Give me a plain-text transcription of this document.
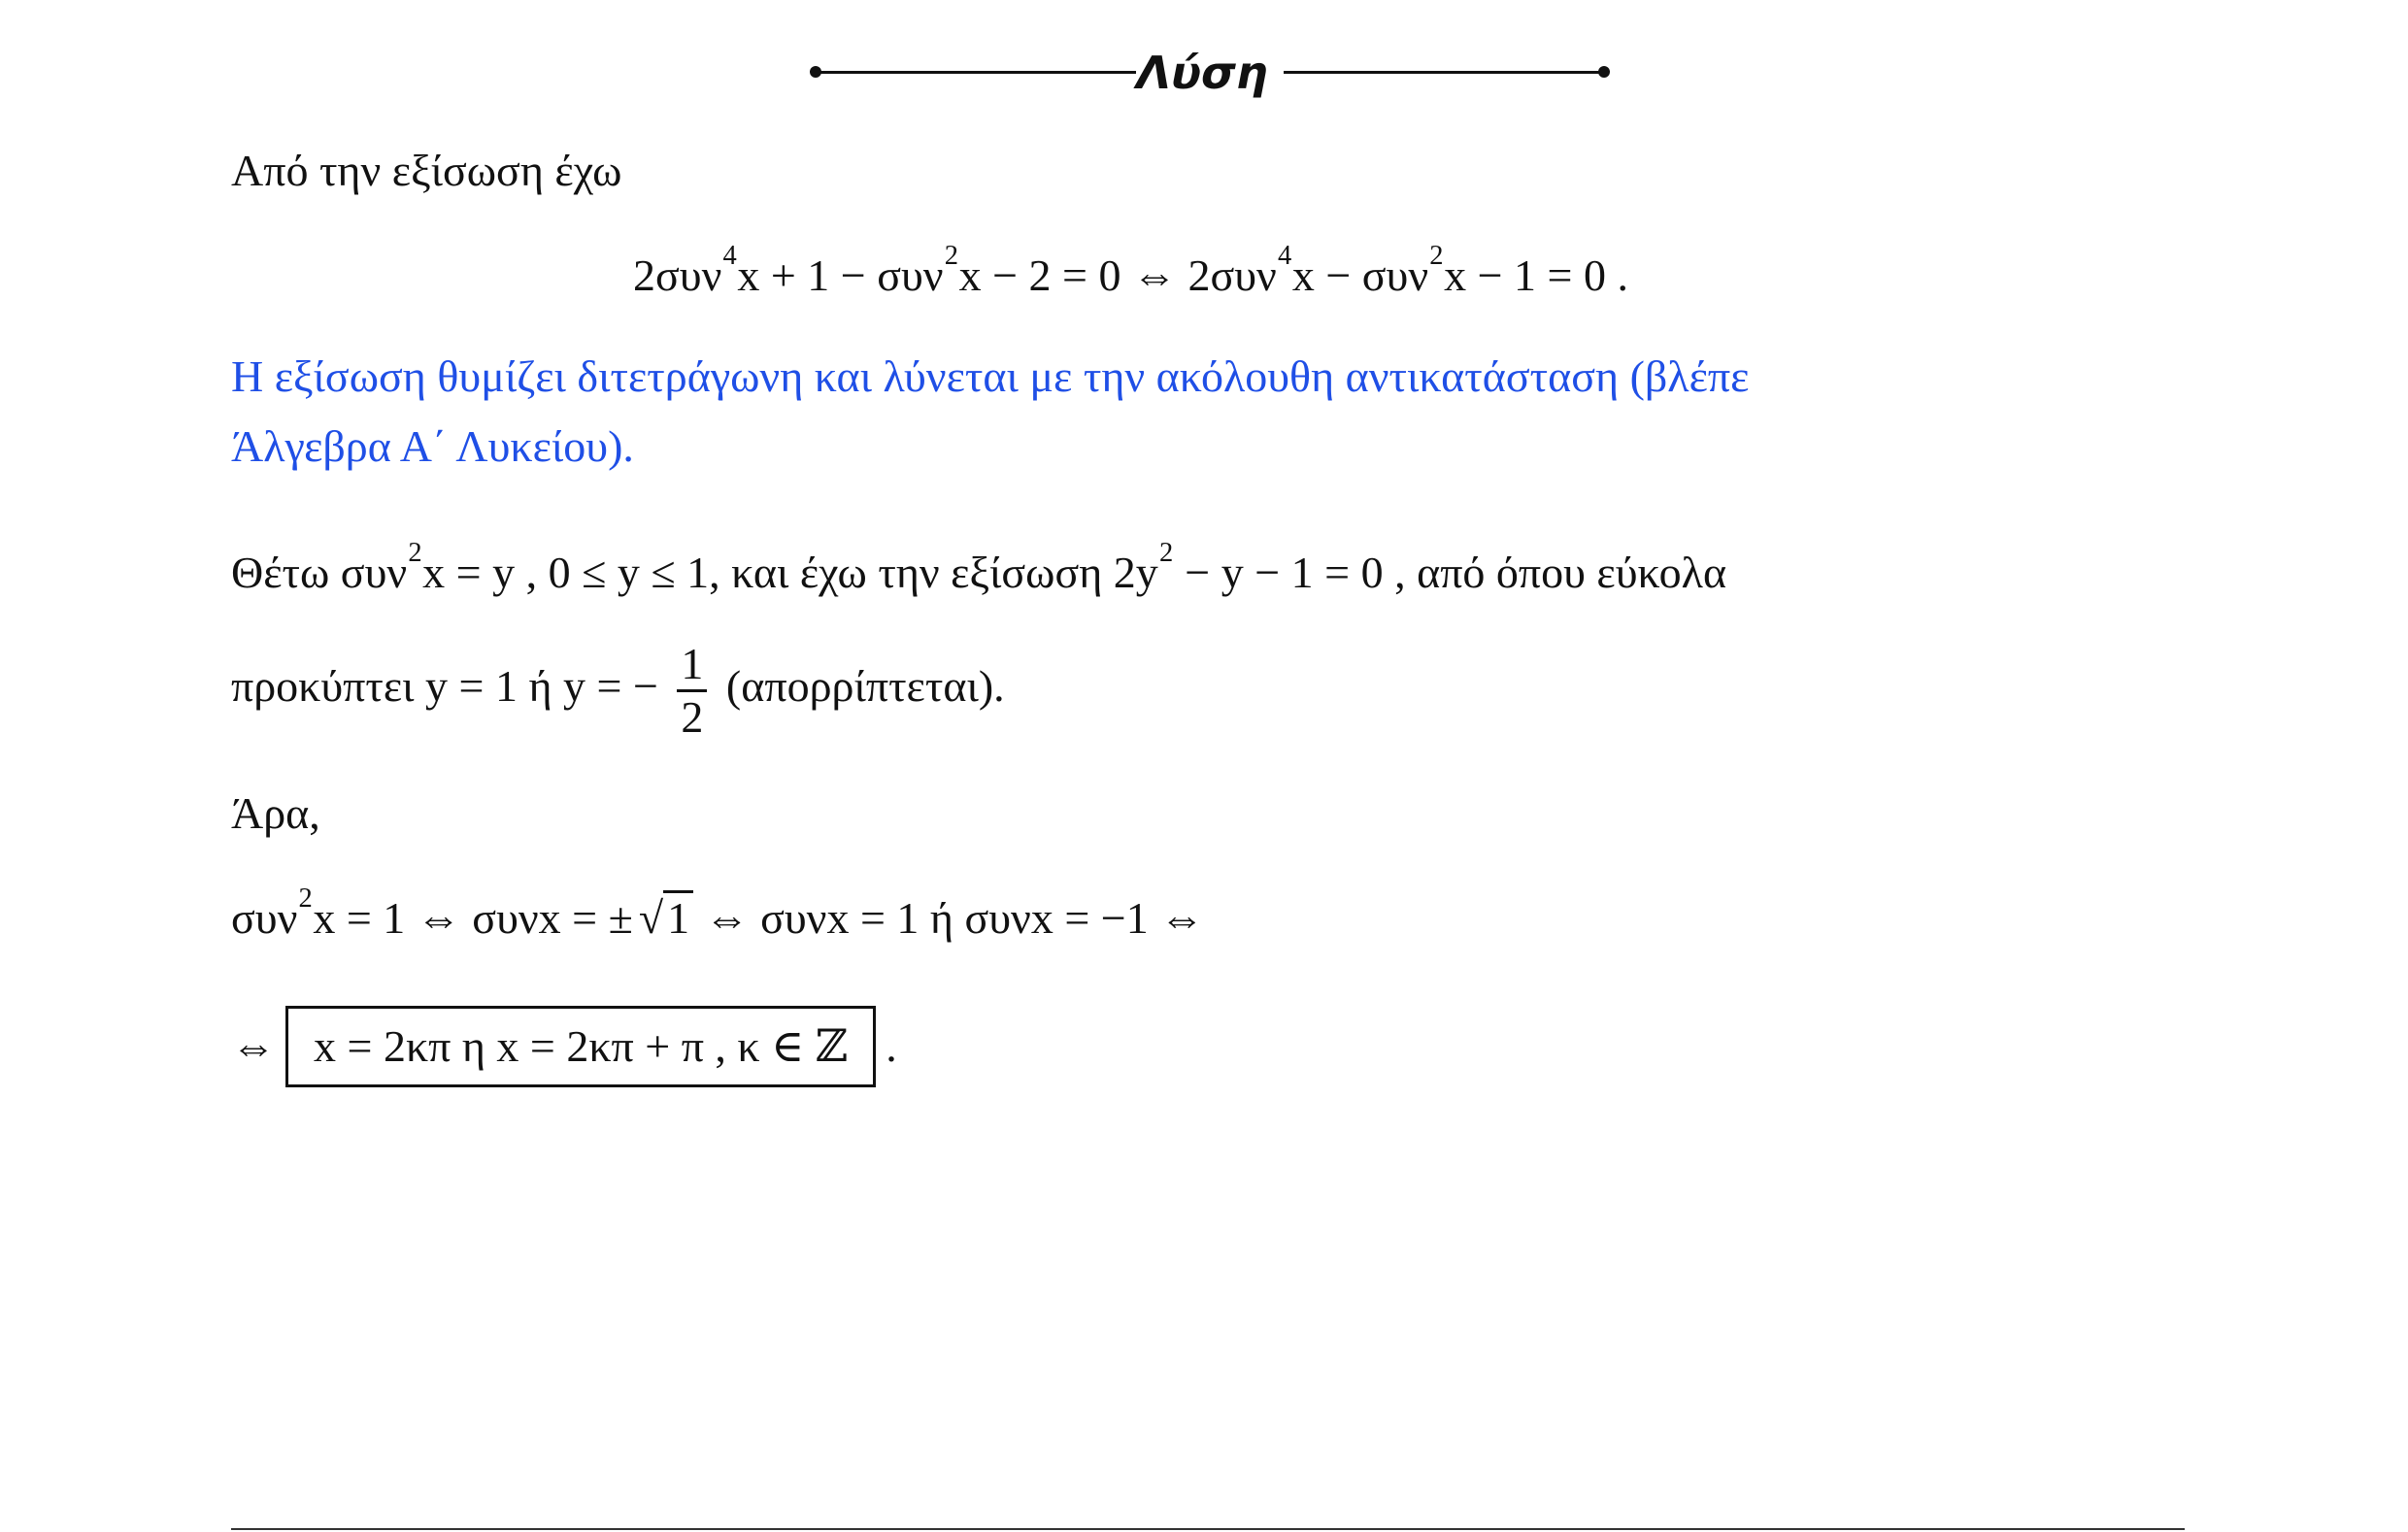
Λύση
Από την εξίσωση έχω
2συν$^4$x + 1 − συν$^2$x − 2 = 0 ⇔ 2συν$^4$x − συν$^2$x − 1 = 0 .
Η εξίσωση θυμίζει διτετράγωνη και λύνεται με την ακόλουθη αντικατάσταση (βλέπε
Άλγεβρα Α΄ Λυκείου).
Θέτω συν$^2$x = y , 0 ≤ y ≤ 1, και έχω την εξίσωση $2y^2 - y - 1 = 0$ , από όπου εύκολα
προκύπτει y = 1 ή y = − $\frac{1}{2} (\alpha\pi o\rho\rho ί\pi\tau\varepsilon\tau\alpha\iota)$.
Άρα,
συν$^2$x = 1 ⇔ συνx = ± √1 ⇔ συνx = 1 ή συνx = −1 ⇔
⇔ x = 2κπ η x = 2κπ + π , κ ∈ ℤ .
